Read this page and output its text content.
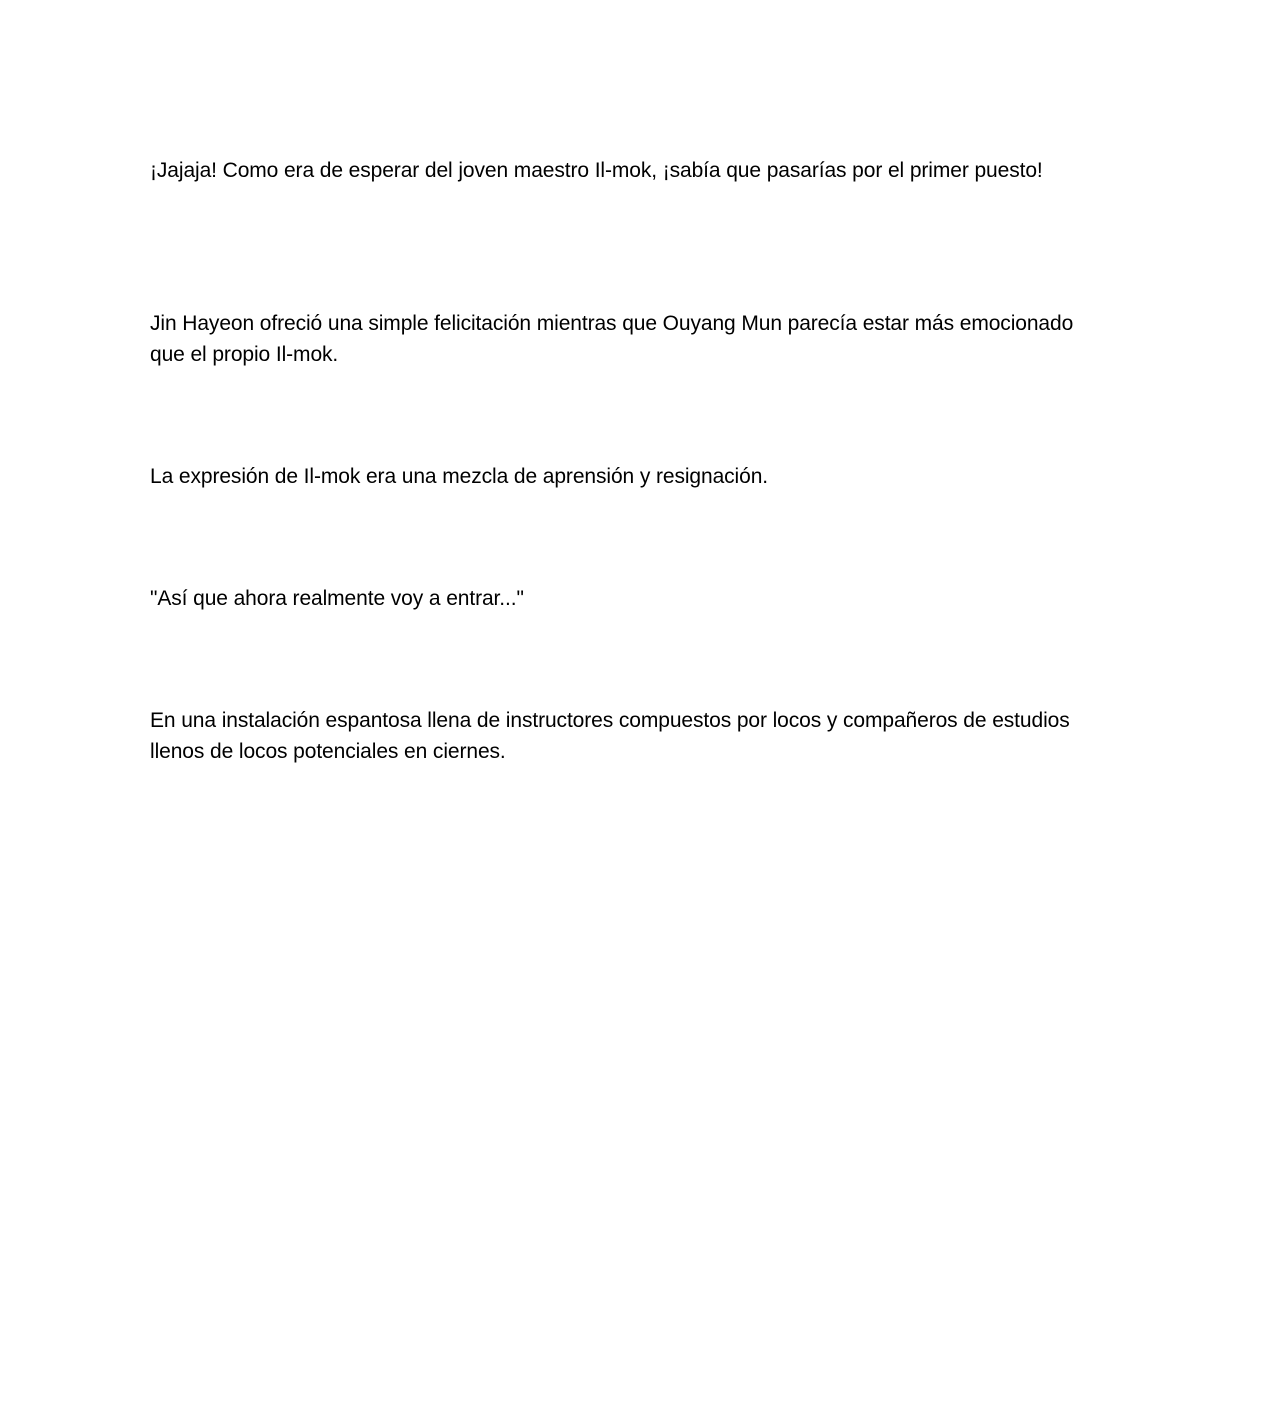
¡Jajaja! Como era de esperar del joven maestro Il-mok, ¡sabía que pasarías por el primer puesto!

Jin Hayeon ofreció una simple felicitación mientras que Ouyang Mun parecía estar más emocionado que el propio Il-mok.

La expresión de Il-mok era una mezcla de aprensión y resignación.

"Así que ahora realmente voy a entrar..."

En una instalación espantosa llena de instructores compuestos por locos y compañeros de estudios llenos de locos potenciales en ciernes.
